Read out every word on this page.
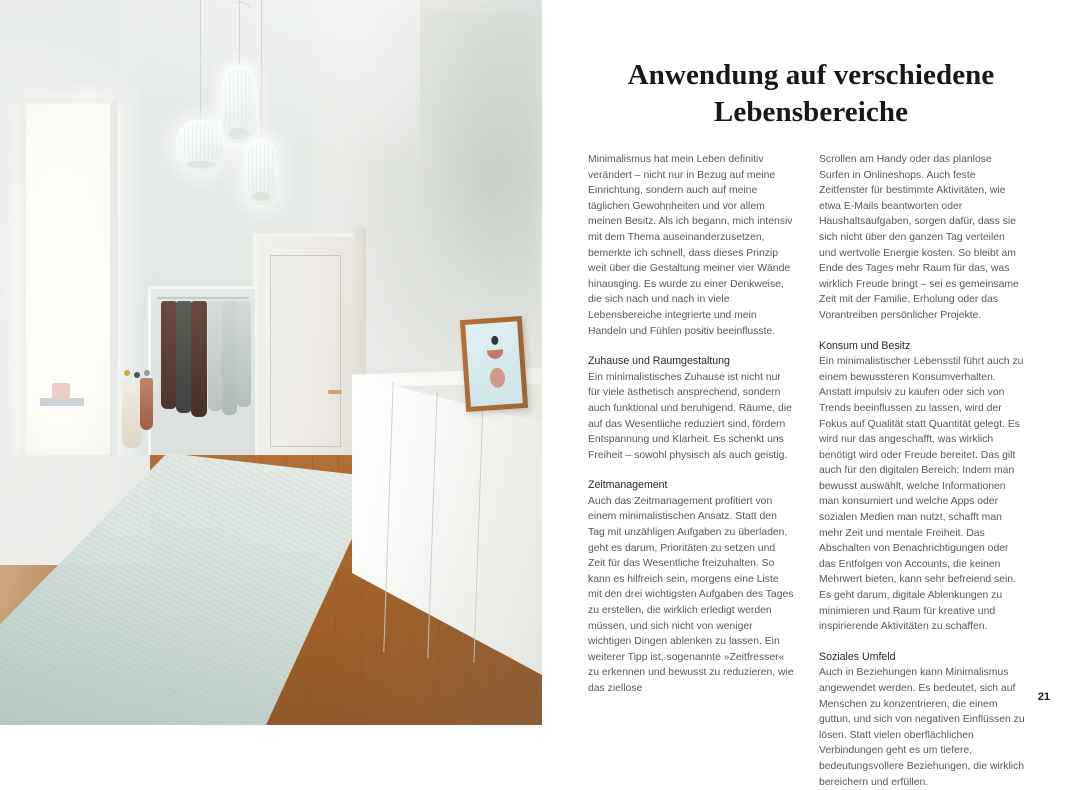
Anwendung auf verschiedene Lebensbereiche

Minimalismus hat mein Leben definitiv verändert – nicht nur in Bezug auf meine Einrichtung, sondern auch auf meine täglichen Gewohnheiten und vor allem meinen Besitz. Als ich begann, mich intensiv mit dem Thema auseinanderzusetzen, bemerkte ich schnell, dass dieses Prinzip weit über die Gestaltung meiner vier Wände hinausging. Es wurde zu einer Denkweise, die sich nach und nach in viele Lebensbereiche integrierte und mein Handeln und Fühlen positiv beeinflusste.

Zuhause und Raumgestaltung

Ein minimalistisches Zuhause ist nicht nur für viele ästhetisch ansprechend, sondern auch funktional und beruhigend. Räume, die auf das Wesentliche reduziert sind, fördern Entspannung und Klarheit. Es schenkt uns Freiheit – sowohl physisch als auch geistig.

Zeitmanagement

Auch das Zeitmanagement profitiert von einem minimalistischen Ansatz. Statt den Tag mit unzähligen Aufgaben zu überladen, geht es darum, Prioritäten zu setzen und Zeit für das Wesentliche freizuhalten. So kann es hilfreich sein, morgens eine Liste mit den drei wichtigsten Aufgaben des Tages zu erstellen, die wirklich erledigt werden müssen, und sich nicht von weniger wichtigen Dingen ablenken zu lassen. Ein weiterer Tipp ist, sogenannte »Zeitfresser« zu erkennen und bewusst zu reduzieren, wie das ziellose

Scrollen am Handy oder das planlose Surfen in Onlineshops. Auch feste Zeitfenster für bestimmte Aktivitäten, wie etwa E-Mails beantworten oder Haushaltsaufgaben, sorgen dafür, dass sie sich nicht über den ganzen Tag verteilen und wertvolle Energie kosten. So bleibt am Ende des Tages mehr Raum für das, was wirklich Freude bringt – sei es gemeinsame Zeit mit der Familie, Erholung oder das Vorantreiben persönlicher Projekte.

Konsum und Besitz

Ein minimalistischer Lebensstil führt auch zu einem bewussteren Konsumverhalten. Anstatt impulsiv zu kaufen oder sich von Trends beeinflussen zu lassen, wird der Fokus auf Qualität statt Quantität gelegt. Es wird nur das angeschafft, was wirklich benötigt wird oder Freude bereitet. Das gilt auch für den digitalen Bereich: Indem man bewusst auswählt, welche Informationen man konsumiert und welche Apps oder sozialen Medien man nutzt, schafft man mehr Zeit und mentale Freiheit. Das Abschalten von Benachrichtigungen oder das Entfolgen von Accounts, die keinen Mehrwert bieten, kann sehr befreiend sein. Es geht darum, digitale Ablenkungen zu minimieren und Raum für kreative und inspirierende Aktivitäten zu schaffen.

Soziales Umfeld

Auch in Beziehungen kann Minimalismus angewendet werden. Es bedeutet, sich auf Menschen zu konzentrieren, die einem guttun, und sich von negativen Einflüssen zu lösen. Statt vielen oberflächlichen Verbindungen geht es um tiefere, bedeutungsvollere Beziehungen, die wirklich bereichern und erfüllen.

21
